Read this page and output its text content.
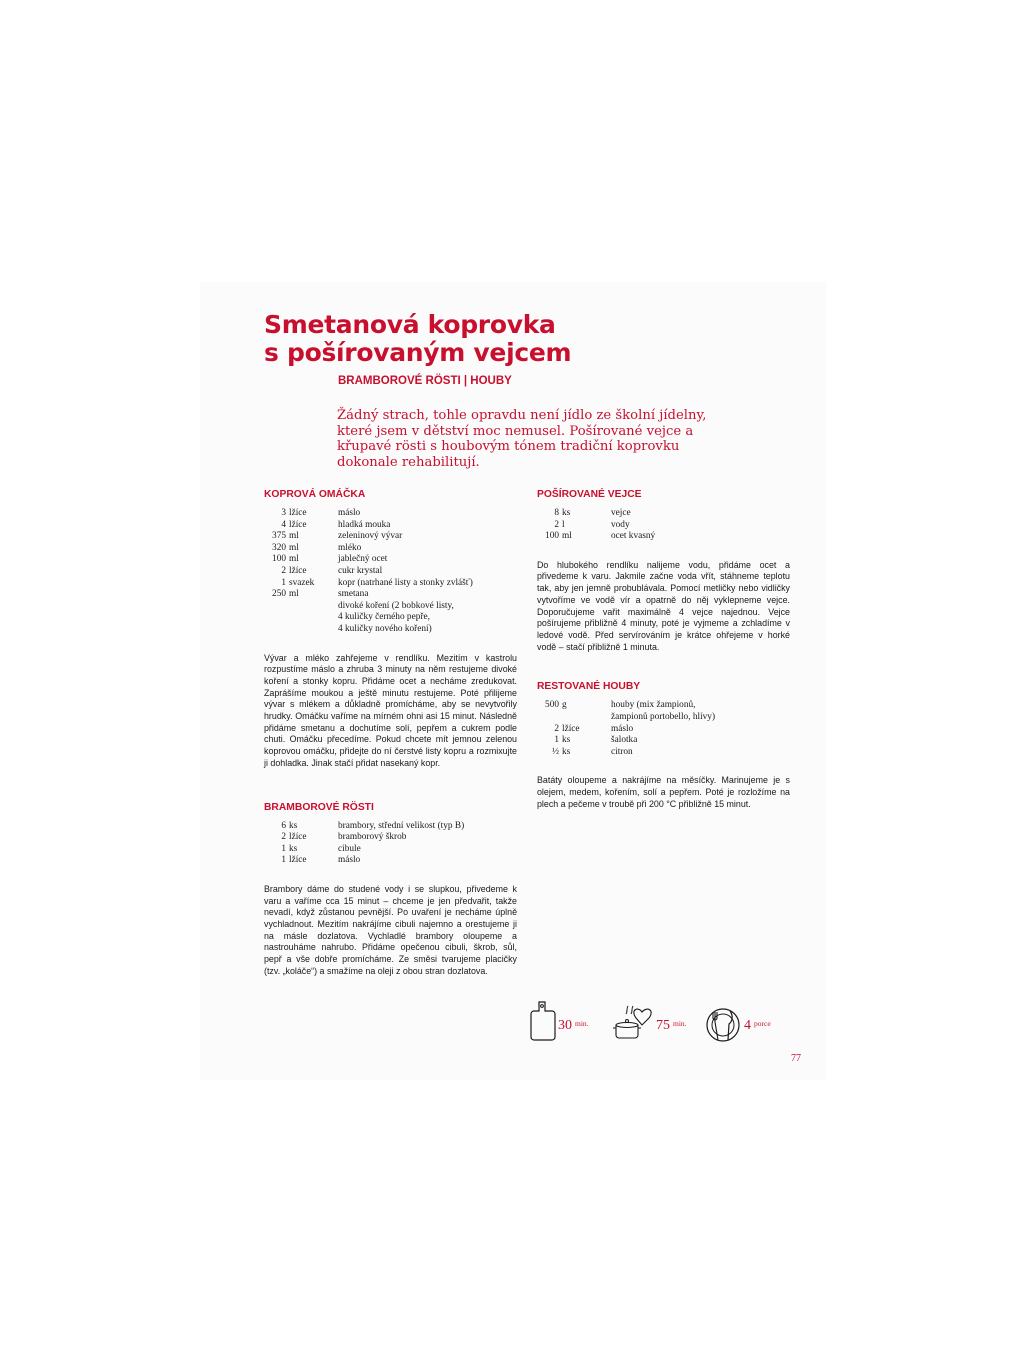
Smetanová koprovka
s pošírovaným vejcem
BRAMBOROVÉ RÖSTI | HOUBY
Žádný strach, tohle opravdu není jídlo ze školní jídelny, které jsem v dětství moc nemusel. Pošírované vejce a křupavé rösti s houbovým tónem tradiční koprovku dokonale rehabilitují.
KOPROVÁ OMÁČKA
3	lžíce	máslo
4	lžíce	hladká mouka
375	ml	zeleninový vývar
320	ml	mléko
100	ml	jablečný ocet
2	lžíce	cukr krystal
1	svazek	kopr (natrhané listy a stonky zvlášť)
250	ml	smetana
		divoké koření (2 bobkové listy,
		4 kuličky černého pepře,
		4 kuličky nového koření)

Vývar a mléko zahřejeme v rendlíku. Mezitím v kastrolu rozpustíme máslo a zhruba 3 minuty na něm restujeme divoké koření a stonky kopru. Přidáme ocet a necháme zredukovat. Zaprášíme moukou a ještě minutu restujeme. Poté přilijeme vývar s mlékem a důkladně promícháme, aby se nevytvořily hrudky. Omáčku vaříme na mírném ohni asi 15 minut. Následně přidáme smetanu a dochutíme solí, pepřem a cukrem podle chuti. Omáčku přecedíme. Pokud chcete mít jemnou zelenou koprovou omáčku, přidejte do ní čerstvé listy kopru a rozmixujte ji dohladka. Jinak stačí přidat nasekaný kopr.

BRAMBOROVÉ RÖSTI
6	ks	brambory, střední velikost (typ B)
2	lžíce	bramborový škrob
1	ks	cibule
1	lžíce	máslo

Brambory dáme do studené vody i se slupkou, přivedeme k varu a vaříme cca 15 minut – chceme je jen předvařit, takže nevadí, když zůstanou pevnější. Po uvaření je necháme úplně vychladnout. Mezitím nakrájíme cibuli najemno a orestujeme ji na másle dozlatova. Vychladlé brambory oloupeme a nastrouháme nahrubo. Přidáme opečenou cibuli, škrob, sůl, pepř a vše dobře promícháme. Ze směsi tvarujeme placičky (tzv. „koláče“) a smažíme na oleji z obou stran dozlatova.

POŠÍROVANÉ VEJCE
8	ks	vejce
2	l	vody
100	ml	ocet kvasný

Do hlubokého rendlíku nalijeme vodu, přidáme ocet a přivedeme k varu. Jakmile začne voda vřít, stáhneme teplotu tak, aby jen jemně probublávala. Pomocí metličky nebo vidličky vytvoříme ve vodě vír a opatrně do něj vyklepneme vejce. Doporučujeme vařit maximálně 4 vejce najednou. Vejce pošírujeme přibližně 4 minuty, poté je vyjmeme a zchladíme v ledové vodě. Před servírováním je krátce ohřejeme v horké vodě – stačí přibližně 1 minuta.

RESTOVANÉ HOUBY
500	g	houby (mix žampionů,
		žampionů portobello, hlívy)
2	lžíce	máslo
1	ks	šalotka
½	ks	citron

Batáty oloupeme a nakrájíme na měsíčky. Marinujeme je s olejem, medem, kořením, solí a pepřem. Poté je rozložíme na plech a pečeme v troubě při 200 °C přibližně 15 minut.

30 min.	75 min.	4 porce
77
